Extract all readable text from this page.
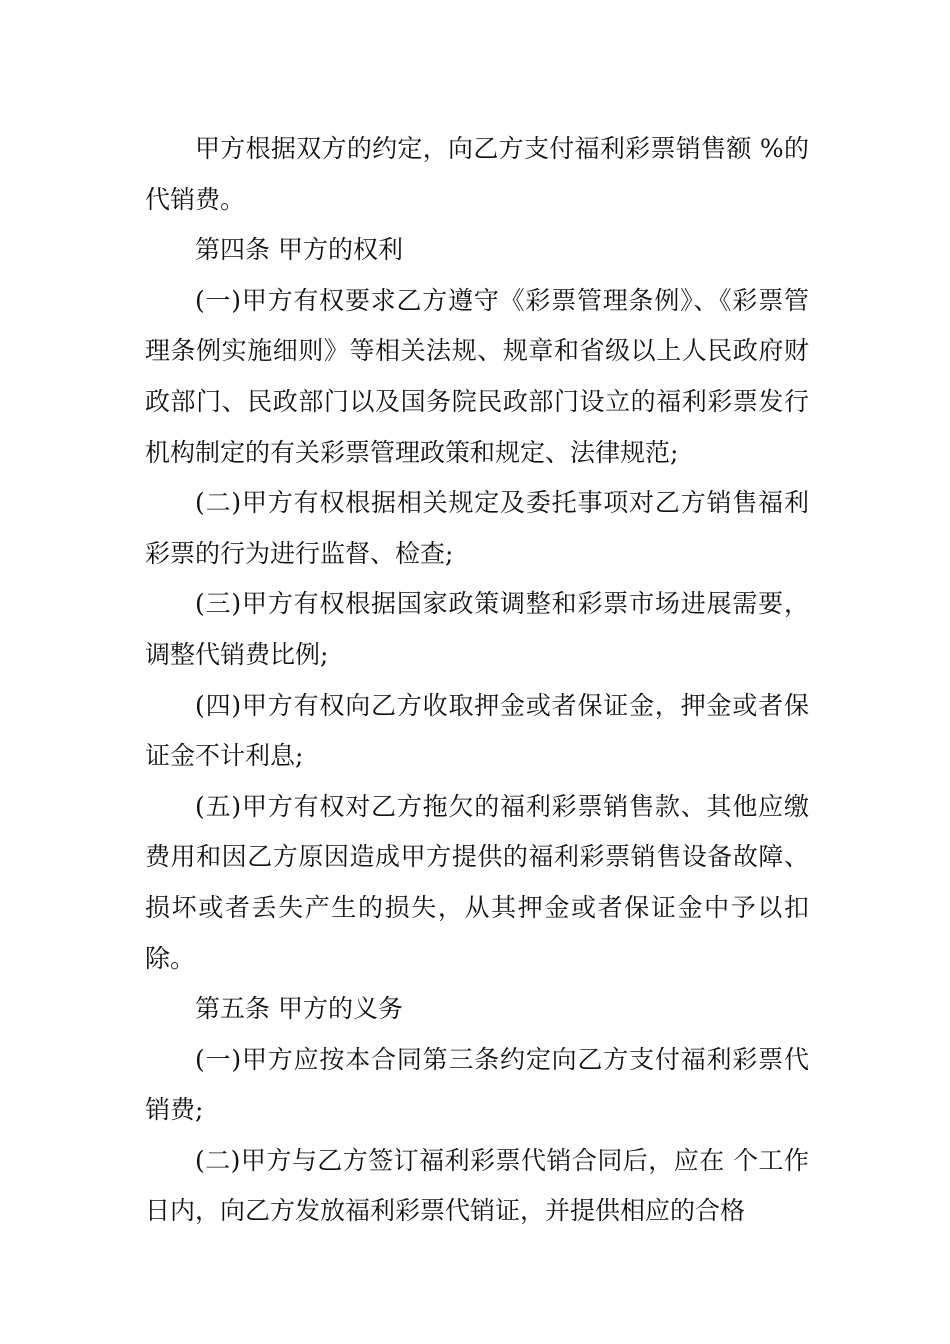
甲方根据双方的约定，向乙方支付福利彩票销售额 %的代销费。

第四条 甲方的权利

(一)甲方有权要求乙方遵守《彩票管理条例》、《彩票管理条例实施细则》等相关法规、规章和省级以上人民政府财政部门、民政部门以及国务院民政部门设立的福利彩票发行机构制定的有关彩票管理政策和规定、法律规范;

(二)甲方有权根据相关规定及委托事项对乙方销售福利彩票的行为进行监督、检查;

(三)甲方有权根据国家政策调整和彩票市场进展需要，调整代销费比例;

(四)甲方有权向乙方收取押金或者保证金，押金或者保证金不计利息;

(五)甲方有权对乙方拖欠的福利彩票销售款、其他应缴费用和因乙方原因造成甲方提供的福利彩票销售设备故障、损坏或者丢失产生的损失，从其押金或者保证金中予以扣除。

第五条 甲方的义务

(一)甲方应按本合同第三条约定向乙方支付福利彩票代销费;

(二)甲方与乙方签订福利彩票代销合同后，应在 个工作日内，向乙方发放福利彩票代销证，并提供相应的合格
